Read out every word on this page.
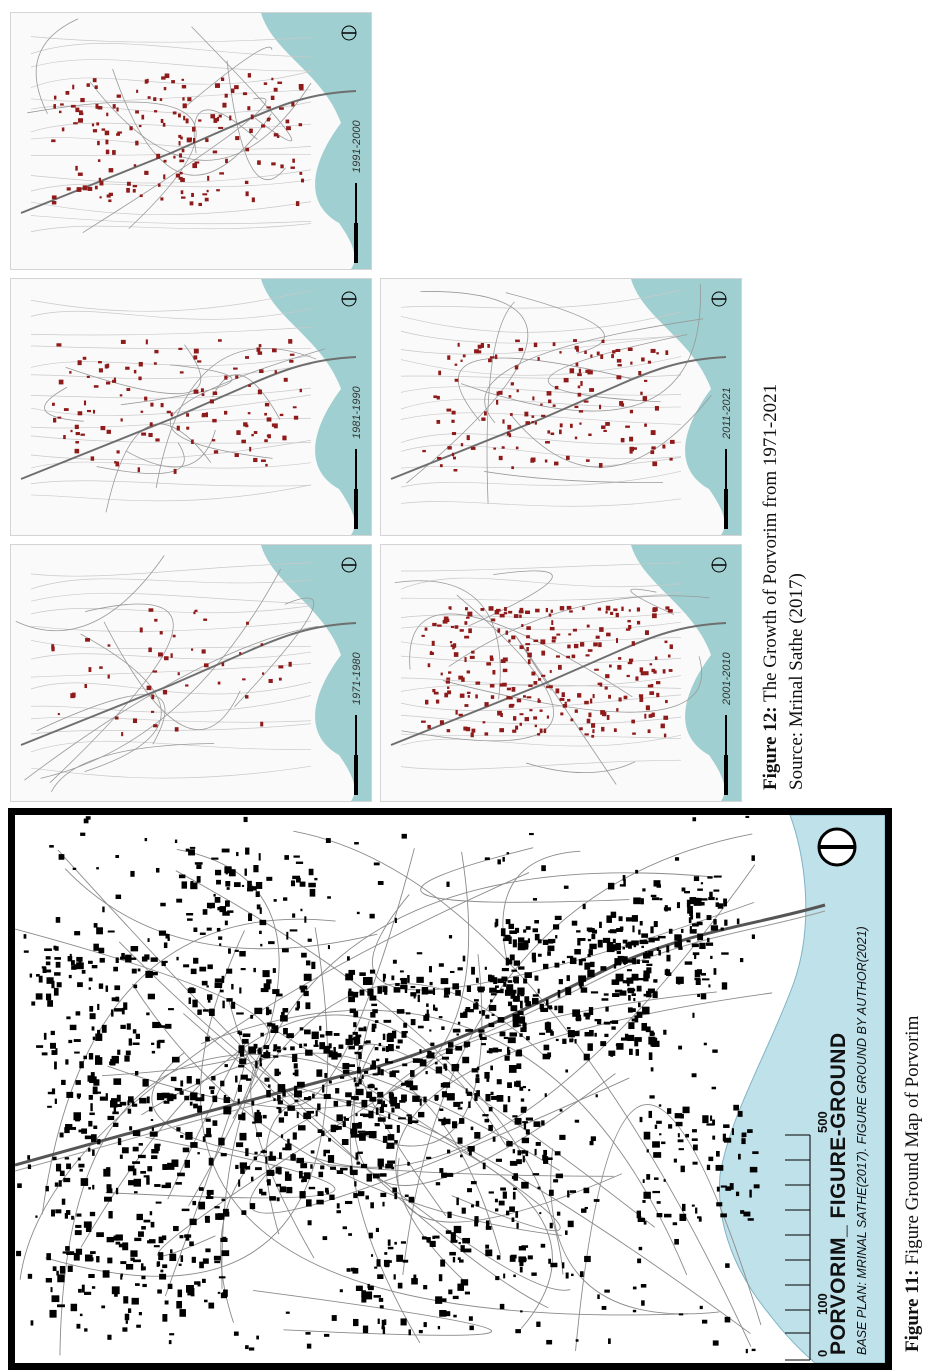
1991-2000
1981-1990
1971-1980
2011-2021
2001-2010
Figure 12: The Growth of Porvorim from 1971-2021 Source: Mrinal Sathe (2017)
PORVORIM_ FIGURE-GROUND BASE PLAN: MRINAL SATHE(2017). FIGURE GROUND BY AUTHOR(2021)
0
100
500
Figure 11: Figure Ground Map of Porvorim
